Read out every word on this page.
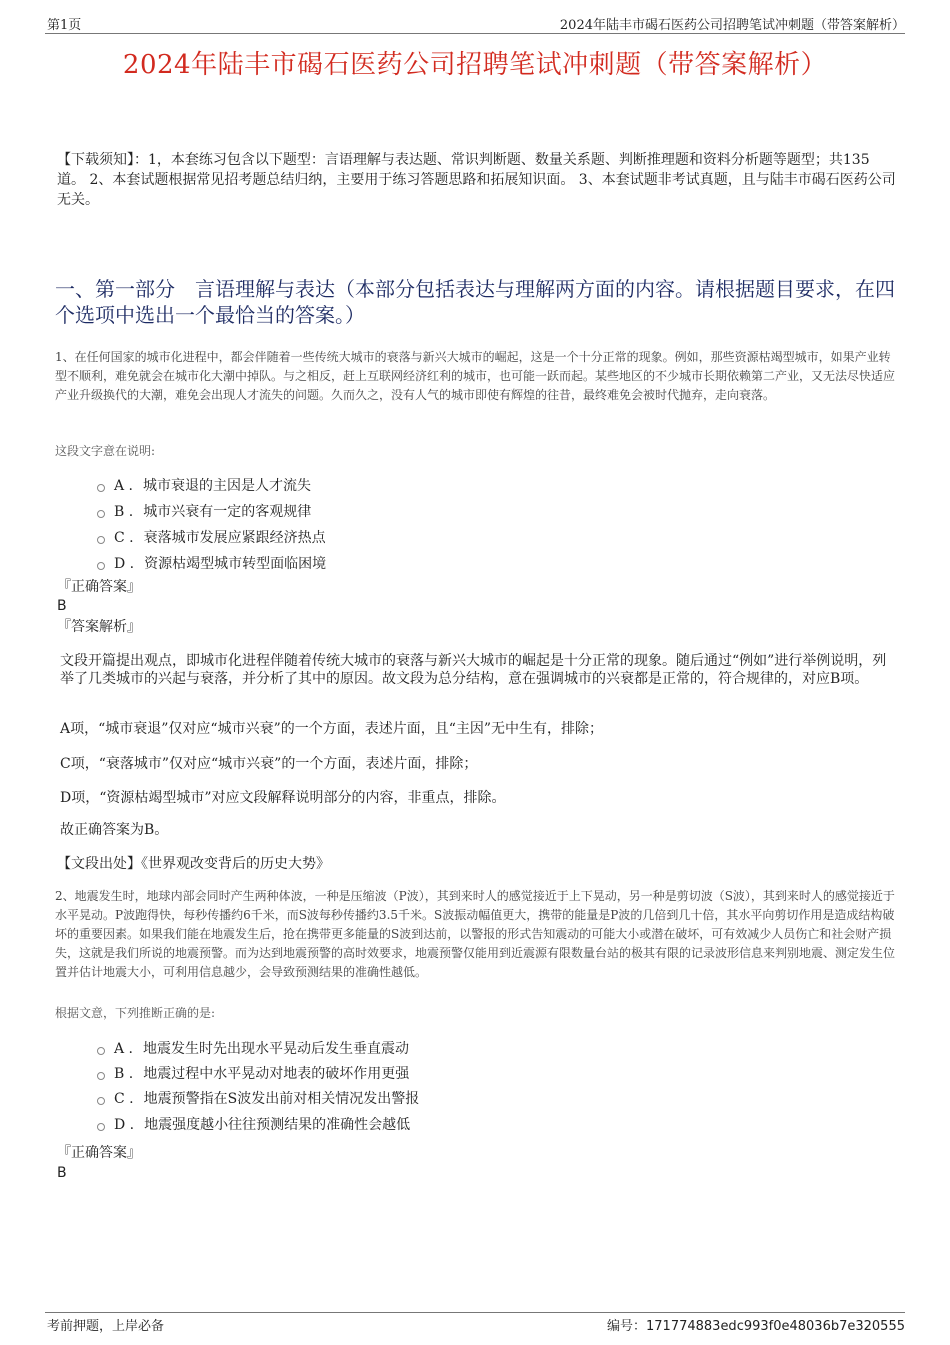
第1页	2024年陆丰市碣石医药公司招聘笔试冲刺题（带答案解析）
2024年陆丰市碣石医药公司招聘笔试冲刺题（带答案解析）
【下载须知】：1，本套练习包含以下题型：言语理解与表达题、常识判断题、数量关系题、判断推理题和资料分析题等题型；共135道。 2、本套试题根据常见招考题总结归纳，主要用于练习答题思路和拓展知识面。 3、本套试题非考试真题，且与陆丰市碣石医药公司无关。
一、第一部分　言语理解与表达（本部分包括表达与理解两方面的内容。请根据题目要求，在四个选项中选出一个最恰当的答案。）
1、在任何国家的城市化进程中，都会伴随着一些传统大城市的衰落与新兴大城市的崛起，这是一个十分正常的现象。例如，那些资源枯竭型城市，如果产业转型不顺利，难免就会在城市化大潮中掉队。与之相反，赶上互联网经济红利的城市，也可能一跃而起。某些地区的不少城市长期依赖第二产业，又无法尽快适应产业升级换代的大潮，难免会出现人才流失的问题。久而久之，没有人气的城市即使有辉煌的往昔，最终难免会被时代抛弃，走向衰落。
这段文字意在说明:
A . 城市衰退的主因是人才流失
B . 城市兴衰有一定的客观规律
C . 衰落城市发展应紧跟经济热点
D . 资源枯竭型城市转型面临困境
『正确答案』
B
『答案解析』
文段开篇提出观点，即城市化进程伴随着传统大城市的衰落与新兴大城市的崛起是十分正常的现象。随后通过“例如”进行举例说明，列举了几类城市的兴起与衰落，并分析了其中的原因。故文段为总分结构，意在强调城市的兴衰都是正常的，符合规律的，对应B项。
A项，“城市衰退”仅对应“城市兴衰”的一个方面，表述片面，且“主因”无中生有，排除；
C项，“衰落城市”仅对应“城市兴衰”的一个方面，表述片面，排除；
D项，“资源枯竭型城市”对应文段解释说明部分的内容，非重点，排除。
故正确答案为B。
【文段出处】《世界观改变背后的历史大势》
2、地震发生时，地球内部会同时产生两种体波，一种是压缩波（P波），其到来时人的感觉接近于上下晃动，另一种是剪切波（S波），其到来时人的感觉接近于水平晃动。P波跑得快，每秒传播约6千米，而S波每秒传播约3.5千米。S波振动幅值更大，携带的能量是P波的几倍到几十倍，其水平向剪切作用是造成结构破坏的重要因素。如果我们能在地震发生后，抢在携带更多能量的S波到达前，以警报的形式告知震动的可能大小或潜在破坏，可有效减少人员伤亡和社会财产损失，这就是我们所说的地震预警。而为达到地震预警的高时效要求，地震预警仅能用到近震源有限数量台站的极其有限的记录波形信息来判别地震、测定发生位置并估计地震大小，可利用信息越少，会导致预测结果的准确性越低。
根据文意，下列推断正确的是:
A . 地震发生时先出现水平晃动后发生垂直震动
B . 地震过程中水平晃动对地表的破坏作用更强
C . 地震预警指在S波发出前对相关情况发出警报
D . 地震强度越小往往预测结果的准确性会越低
『正确答案』
B
考前押题，上岸必备	编号：171774883edc993f0e48036b7e320555
